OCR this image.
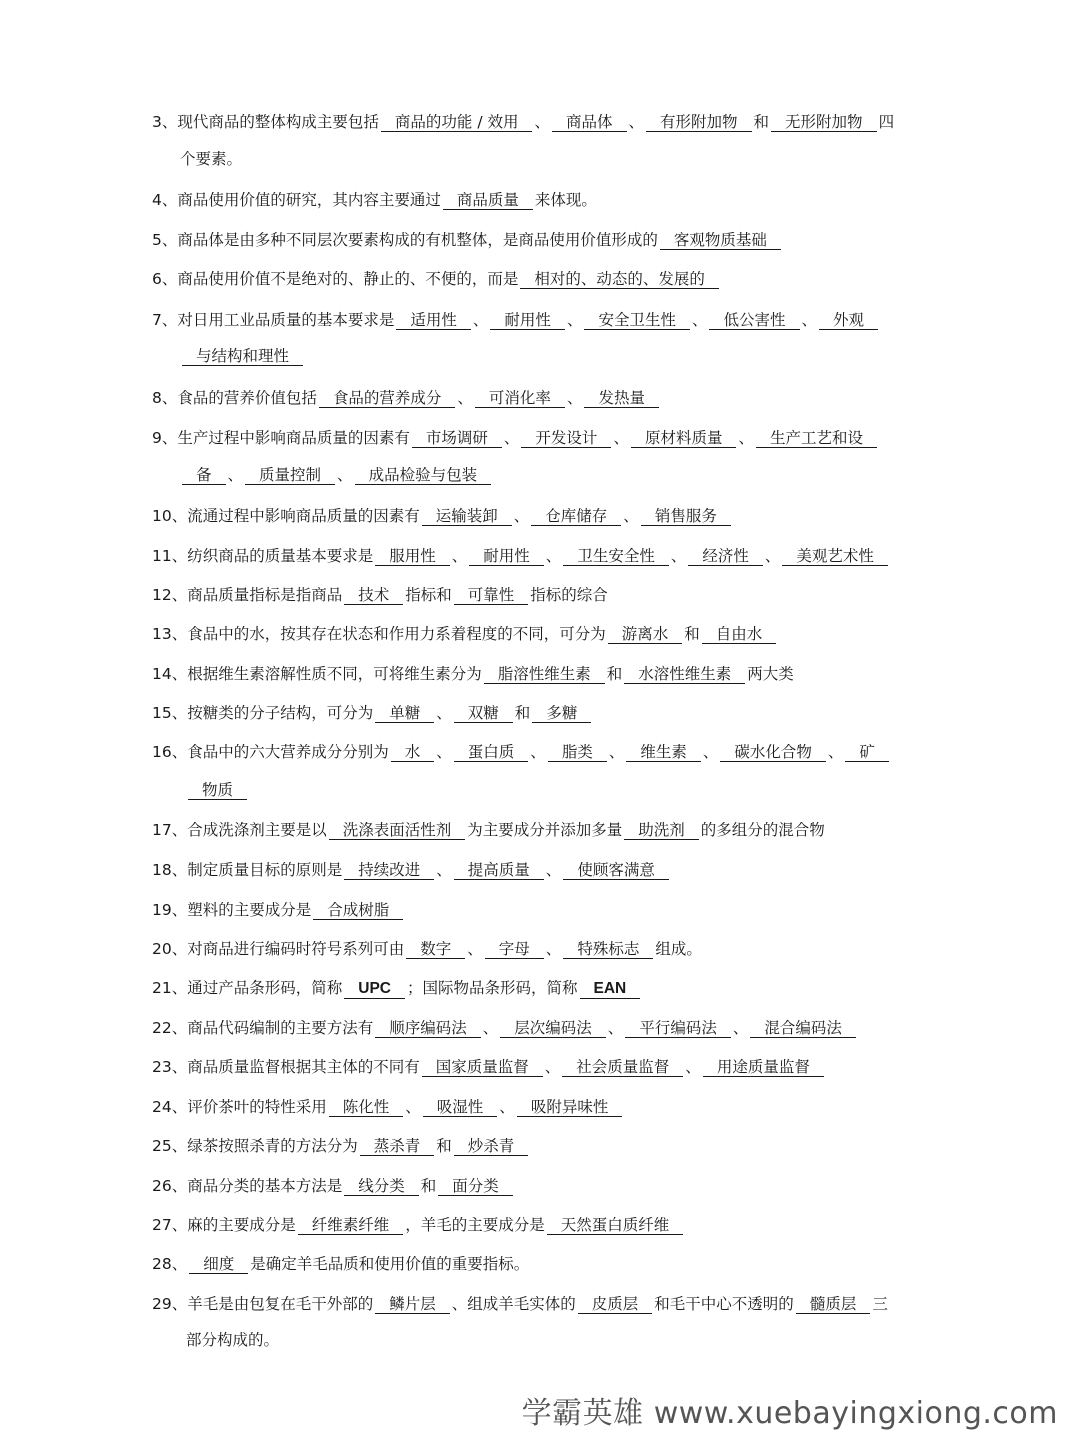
3、现代商品的整体构成主要包括 商品的功能 / 效用 、 商品体 、 有形附加物 和 无形附加物 四
个要素。
4、商品使用价值的研究，其内容主要通过 商品质量 来体现。
5、商品体是由多种不同层次要素构成的有机整体，是商品使用价值形成的 客观物质基础
6、商品使用价值不是绝对的、静止的、不便的，而是 相对的、动态的、发展的
7、对日用工业品质量的基本要求是 适用性 、 耐用性 、 安全卫生性 、 低公害性 、 外观
与结构和理性
8、食品的营养价值包括 食品的营养成分 、 可消化率 、 发热量
9、生产过程中影响商品质量的因素有 市场调研 、 开发设计 、 原材料质量 、 生产工艺和设
备 、 质量控制 、 成品检验与包装
10、流通过程中影响商品质量的因素有 运输装卸 、 仓库储存 、 销售服务
11、纺织商品的质量基本要求是 服用性 、 耐用性 、 卫生安全性 、 经济性 、 美观艺术性
12、商品质量指标是指商品 技术 指标和 可靠性 指标的综合
13、食品中的水，按其存在状态和作用力系着程度的不同，可分为 游离水 和 自由水
14、根据维生素溶解性质不同，可将维生素分为 脂溶性维生素 和 水溶性维生素 两大类
15、按糖类的分子结构，可分为 单糖 、 双糖 和 多糖
16、食品中的六大营养成分分别为 水 、 蛋白质 、 脂类 、 维生素 、 碳水化合物 、 矿
物质
17、合成洗涤剂主要是以 洗涤表面活性剂 为主要成分并添加多量 助洗剂 的多组分的混合物
18、制定质量目标的原则是 持续改进 、 提高质量 、 使顾客满意
19、塑料的主要成分是 合成树脂
20、对商品进行编码时符号系列可由 数字 、 字母 、 特殊标志 组成。
21、通过产品条形码，简称 UPC ；国际物品条形码，简称 EAN
22、商品代码编制的主要方法有 顺序编码法 、 层次编码法 、 平行编码法 、 混合编码法
23、商品质量监督根据其主体的不同有 国家质量监督 、 社会质量监督 、 用途质量监督
24、评价茶叶的特性采用 陈化性 、 吸湿性 、 吸附异味性
25、绿茶按照杀青的方法分为 蒸杀青 和 炒杀青
26、商品分类的基本方法是 线分类 和 面分类
27、麻的主要成分是 纤维素纤维 ，羊毛的主要成分是 天然蛋白质纤维
28、 细度 是确定羊毛品质和使用价值的重要指标。
29、羊毛是由包复在毛干外部的 鳞片层 、组成羊毛实体的 皮质层 和毛干中心不透明的 髓质层 三
部分构成的。
学霸英雄 www.xuebayingxiong.com
